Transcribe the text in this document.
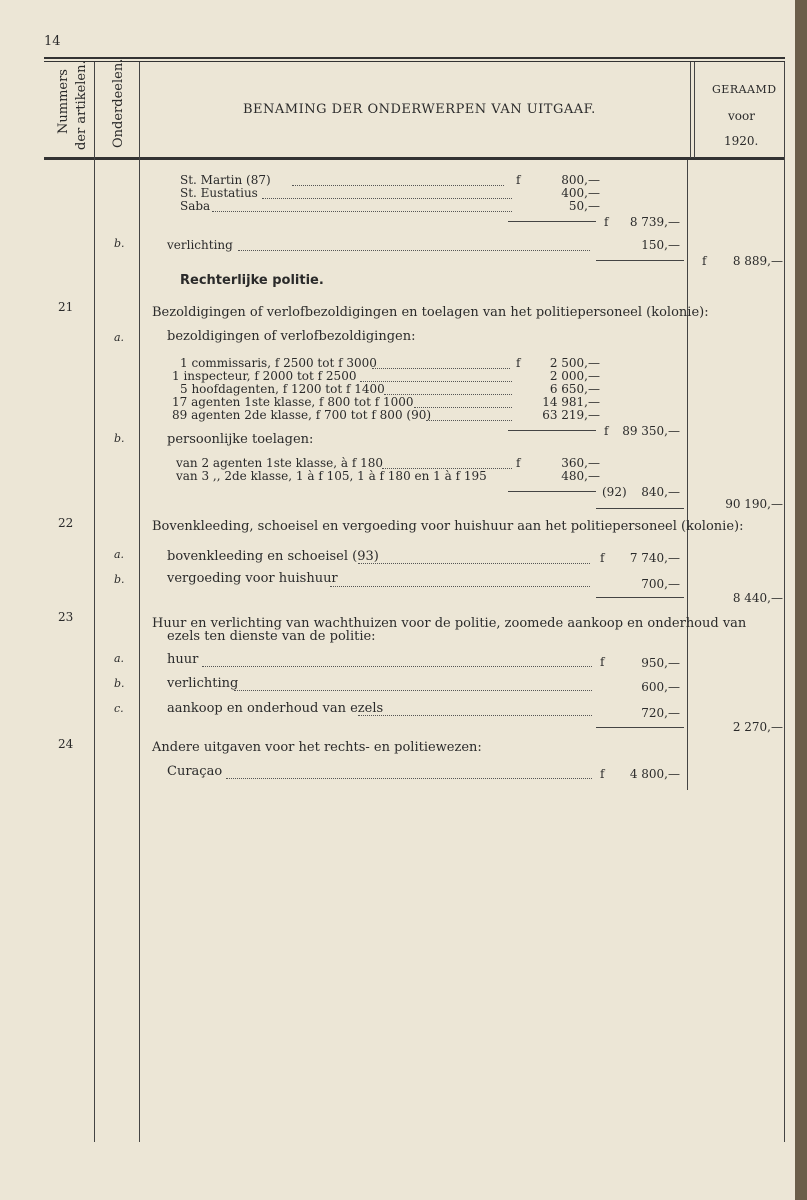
14
Nummers der artikelen. Onderdeelen.	BENAMING DER ONDERWERPEN VAN UITGAAF.
GERAAMD
voor
1920.
St. Martin (87)	f	800,—
St. Eustatius	400,—
Saba	50,—
f	8 739,—
b.	verlichting	150,—
f	8 889,—
Rechterlijke politie.
21	Bezoldigingen of verlofbezoldigingen en toelagen van het politiepersoneel (kolonie):
a.	bezoldigingen of verlofbezoldigingen:
1 commissaris, f 2500 tot f 3000	f	2 500,—
1 inspecteur, f 2000 tot f 2500	2 000,—
5 hoofdagenten, f 1200 tot f 1400	6 650,—
17 agenten 1ste klasse, f 800 tot f 1000	14 981,—
89 agenten 2de klasse, f 700 tot f 800 (90)	63 219,—
f	89 350,—
b.	persoonlijke toelagen:
van 2 agenten 1ste klasse, à f 180	f	360,—
van 3 ,, 2de klasse, 1 à f 105, 1 à f 180 en 1 à f 195	480,—
(92)	840,—
90 190,—
22	Bovenkleeding, schoeisel en vergoeding voor huishuur aan het politiepersoneel (kolonie):
a.	bovenkleeding en schoeisel (93)	f	7 740,—
b.	vergoeding voor huishuur	700,—
8 440,—
23	Huur en verlichting van wachthuizen voor de politie, zoomede aankoop en onderhoud van
ezels ten dienste van de politie:
a.	huur	f	950,—
b.	verlichting	600,—
c.	aankoop en onderhoud van ezels	720,—
2 270,—
24	Andere uitgaven voor het rechts- en politiewezen:
Curaçao	f	4 800,—
